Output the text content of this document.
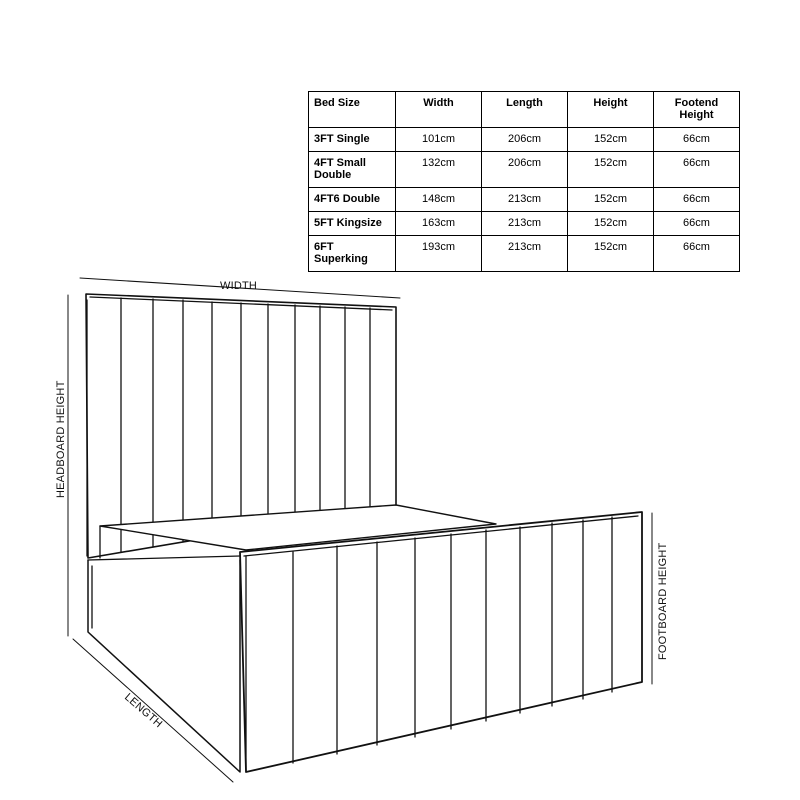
WIDTH
HEADBOARD HEIGHT
LENGTH
FOOTBOARD HEIGHT
Bed Size	Width	Length	Height	Footend
Height
3FT Single	101cm	206cm	152cm	66cm
4FT Small
Double	132cm	206cm	152cm	66cm
4FT6 Double	148cm	213cm	152cm	66cm
5FT Kingsize	163cm	213cm	152cm	66cm
6FT
Superking	193cm	213cm	152cm	66cm
